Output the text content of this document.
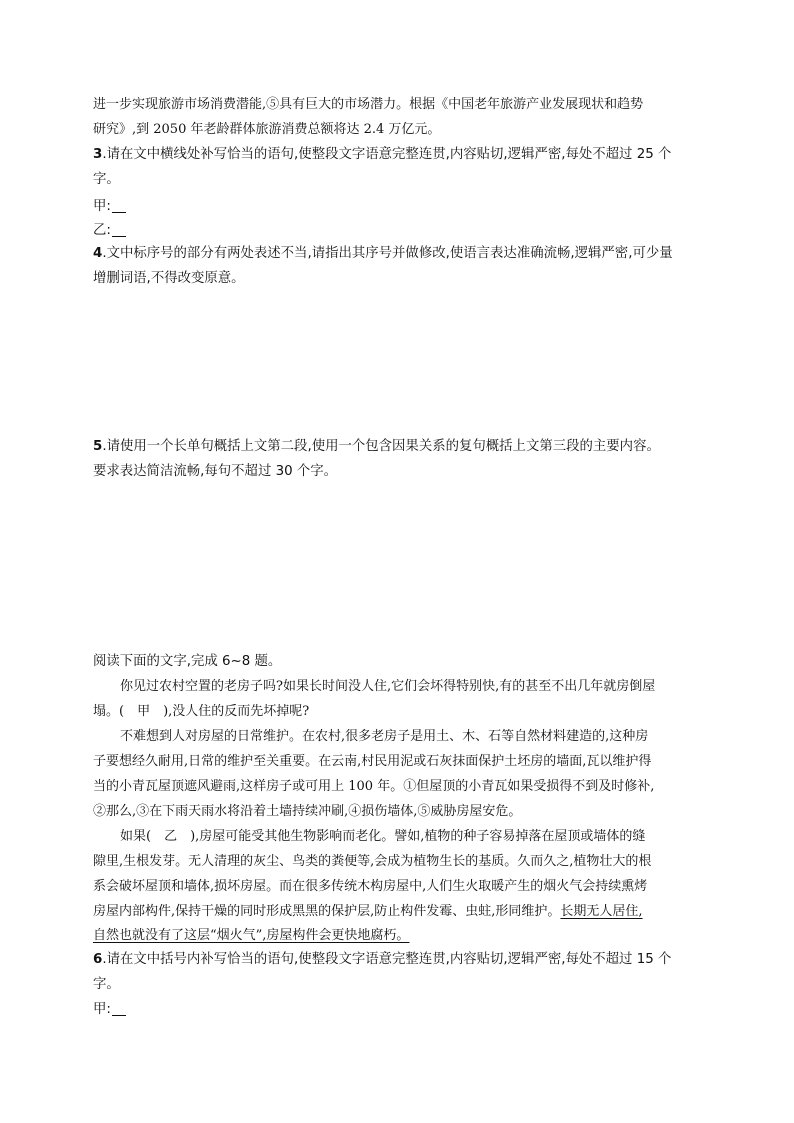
进一步实现旅游市场消费潜能,⑤具有巨大的市场潜力。根据《中国老年旅游产业发展现状和趋势
研究》,到 2050 年老龄群体旅游消费总额将达 2.4 万亿元。
3.请在文中横线处补写恰当的语句,使整段文字语意完整连贯,内容贴切,逻辑严密,每处不超过 25 个
字。
甲:
乙:
4.文中标序号的部分有两处表述不当,请指出其序号并做修改,使语言表达准确流畅,逻辑严密,可少量
增删词语,不得改变原意。
5.请使用一个长单句概括上文第二段,使用一个包含因果关系的复句概括上文第三段的主要内容。
要求表达简洁流畅,每句不超过 30 个字。
阅读下面的文字,完成 6~8 题。
你见过农村空置的老房子吗?如果长时间没人住,它们会坏得特别快,有的甚至不出几年就房倒屋
塌。(　甲　),没人住的反而先坏掉呢?
不难想到人对房屋的日常维护。在农村,很多老房子是用土、木、石等自然材料建造的,这种房
子要想经久耐用,日常的维护至关重要。在云南,村民用泥或石灰抹面保护土坯房的墙面,瓦以维护得
当的小青瓦屋顶遮风避雨,这样房子或可用上 100 年。①但屋顶的小青瓦如果受损得不到及时修补,
②那么,③在下雨天雨水将沿着土墙持续冲刷,④损伤墙体,⑤威胁房屋安危。
如果(　乙　),房屋可能受其他生物影响而老化。譬如,植物的种子容易掉落在屋顶或墙体的缝
隙里,生根发芽。无人清理的灰尘、鸟类的粪便等,会成为植物生长的基质。久而久之,植物壮大的根
系会破坏屋顶和墙体,损坏房屋。而在很多传统木构房屋中,人们生火取暖产生的烟火气会持续熏烤
房屋内部构件,保持干燥的同时形成黑黑的保护层,防止构件发霉、虫蛀,形同维护。长期无人居住,
自然也就没有了这层“烟火气”,房屋构件会更快地腐朽。
6.请在文中括号内补写恰当的语句,使整段文字语意完整连贯,内容贴切,逻辑严密,每处不超过 15 个
字。
甲:
